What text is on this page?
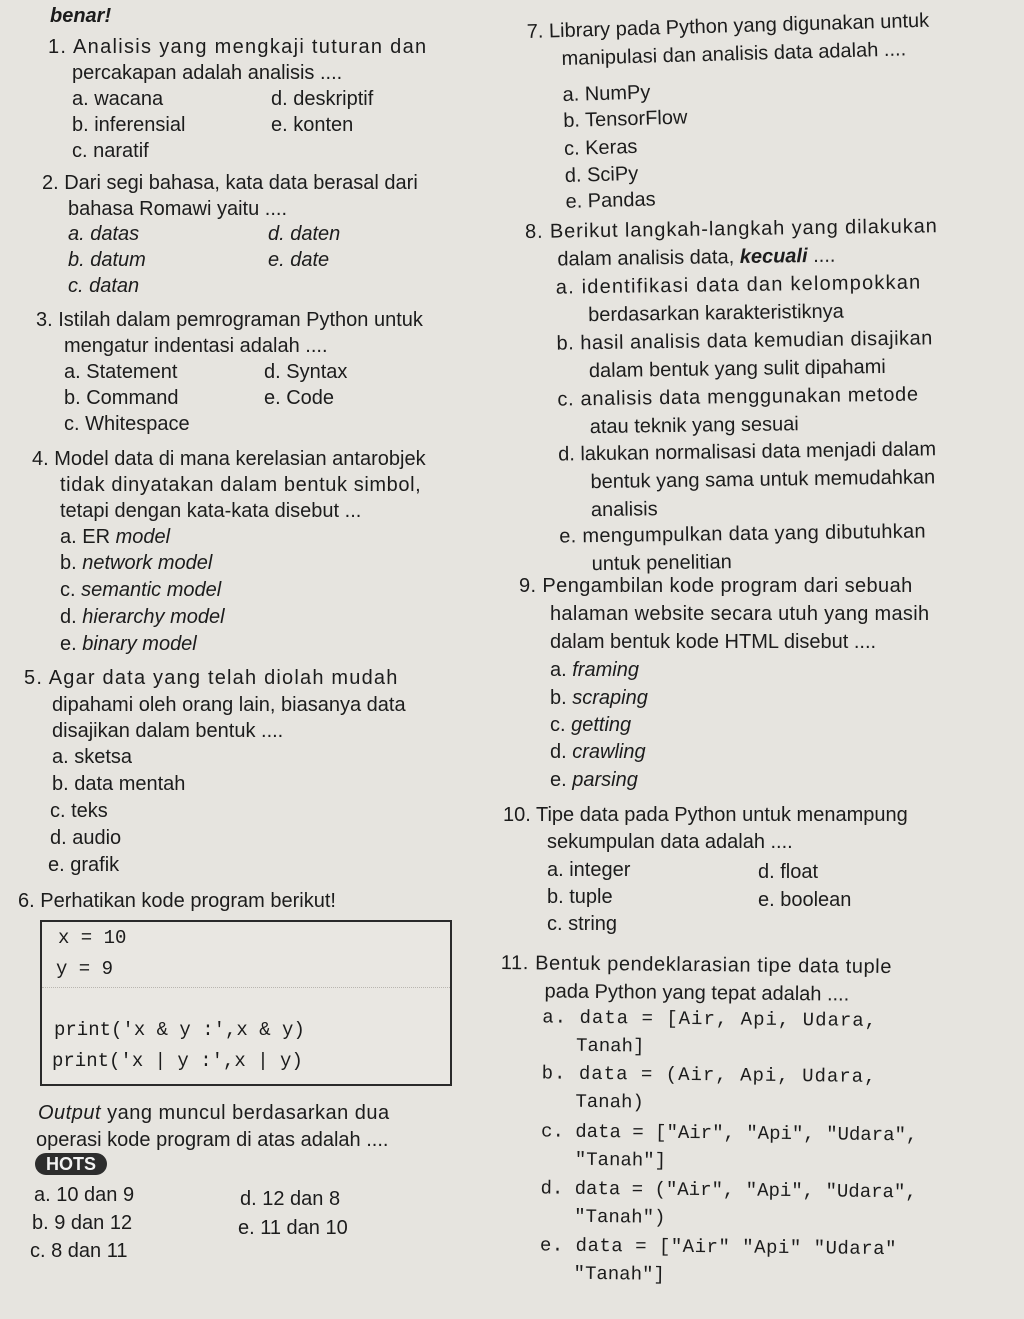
benar!
1. Analisis yang mengkaji tuturan dan
percakapan adalah analisis ....
a. wacana
b. inferensial
c. naratif
d. deskriptif
e. konten
2. Dari segi bahasa, kata data berasal dari
bahasa Romawi yaitu ....
a. datas
b. datum
c. datan
d. daten
e. date
3. Istilah dalam pemrograman Python untuk
mengatur indentasi adalah ....
a. Statement
b. Command
c. Whitespace
d. Syntax
e. Code
4. Model data di mana kerelasian antarobjek
tidak dinyatakan dalam bentuk simbol,
tetapi dengan kata-kata disebut ...
a. ER model
b. network model
c. semantic model
d. hierarchy model
e. binary model
5. Agar data yang telah diolah mudah
dipahami oleh orang lain, biasanya data
disajikan dalam bentuk ....
a. sketsa
b. data mentah
c. teks
d. audio
e. grafik
6. Perhatikan kode program berikut!
x = 10
y = 9
print('x & y :',x & y)
print('x | y :',x | y)
Output yang muncul berdasarkan dua
operasi kode program di atas adalah ....
HOTS
a. 10 dan 9
b. 9 dan 12
c. 8 dan 11
d. 12 dan 8
e. 11 dan 10
7. Library pada Python yang digunakan untuk
manipulasi dan analisis data adalah ....
a. NumPy
b. TensorFlow
c. Keras
d. SciPy
e. Pandas
8. Berikut langkah-langkah yang dilakukan
dalam analisis data, kecuali ....
a. identifikasi data dan kelompokkan
berdasarkan karakteristiknya
b. hasil analisis data kemudian disajikan
dalam bentuk yang sulit dipahami
c. analisis data menggunakan metode
atau teknik yang sesuai
d. lakukan normalisasi data menjadi dalam
bentuk yang sama untuk memudahkan
analisis
e. mengumpulkan data yang dibutuhkan
untuk penelitian
9. Pengambilan kode program dari sebuah
halaman website secara utuh yang masih
dalam bentuk kode HTML disebut ....
a. framing
b. scraping
c. getting
d. crawling
e. parsing
10. Tipe data pada Python untuk menampung
sekumpulan data adalah ....
a. integer
b. tuple
c. string
d. float
e. boolean
11. Bentuk pendeklarasian tipe data tuple
pada Python yang tepat adalah ....
a. data = [Air, Api, Udara,
Tanah]
b. data = (Air, Api, Udara,
Tanah)
c. data = ["Air", "Api", "Udara",
"Tanah"]
d. data = ("Air", "Api", "Udara",
"Tanah")
e. data = ["Air" "Api" "Udara"
"Tanah"]
